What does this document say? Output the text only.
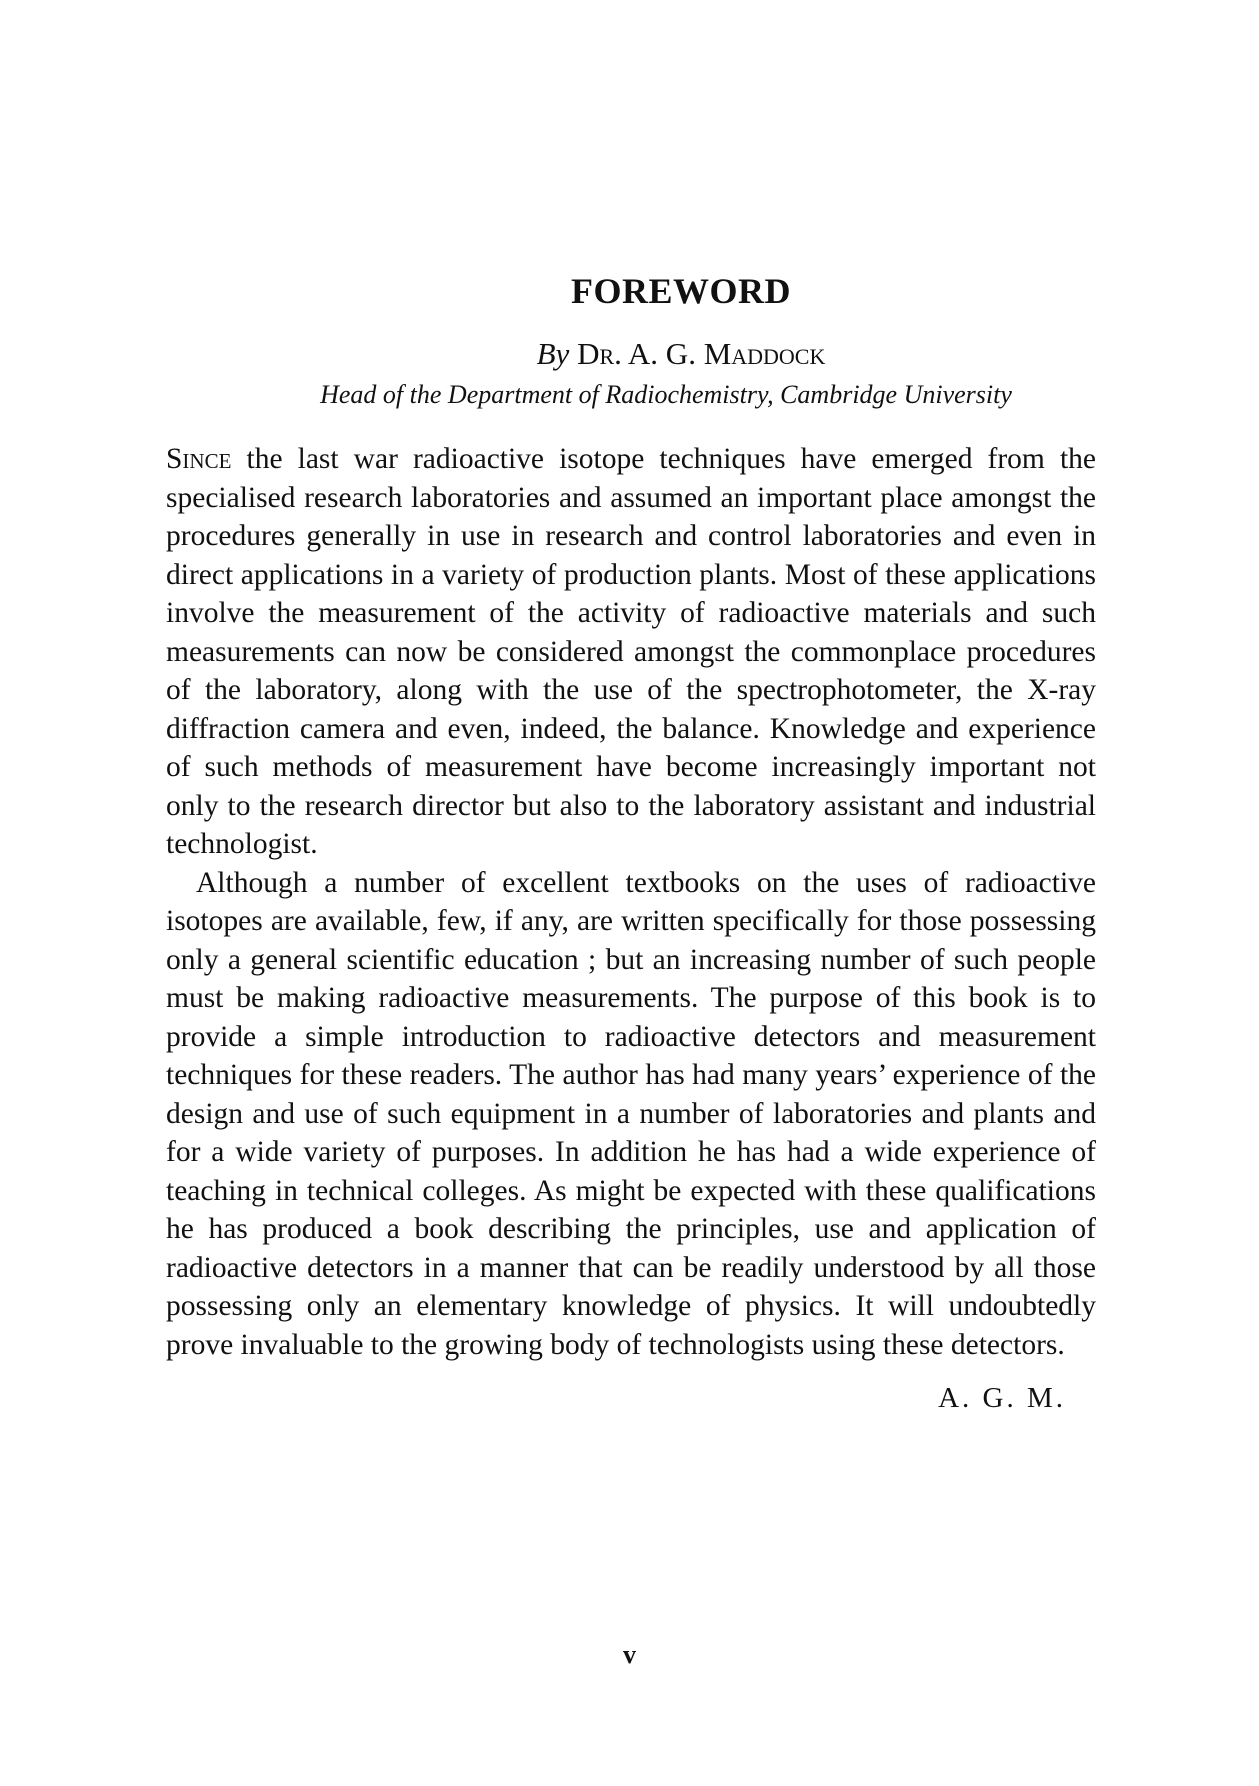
FOREWORD
By Dr. A. G. Maddock
Head of the Department of Radiochemistry, Cambridge University

Since the last war radioactive isotope techniques have emerged from the specialised research laboratories and assumed an important place amongst the procedures generally in use in research and control laboratories and even in direct applications in a variety of production plants. Most of these applications involve the measurement of the activity of radioactive materials and such measurements can now be considered amongst the commonplace procedures of the laboratory, along with the use of the spectrophotometer, the X-ray diffraction camera and even, indeed, the balance. Knowledge and experience of such methods of measurement have become increasingly important not only to the research director but also to the laboratory assistant and industrial technologist.

Although a number of excellent textbooks on the uses of radioactive isotopes are available, few, if any, are written specifically for those possessing only a general scientific education ; but an increasing number of such people must be making radioactive measurements. The purpose of this book is to provide a simple introduction to radioactive detectors and measurement techniques for these readers. The author has had many years’ experience of the design and use of such equipment in a number of laboratories and plants and for a wide variety of purposes. In addition he has had a wide experience of teaching in technical colleges. As might be expected with these qualifications he has produced a book describing the principles, use and application of radioactive detectors in a manner that can be readily understood by all those possessing only an elementary knowledge of physics. It will undoubtedly prove invaluable to the growing body of technologists using these detectors.

A. G. M.
v
